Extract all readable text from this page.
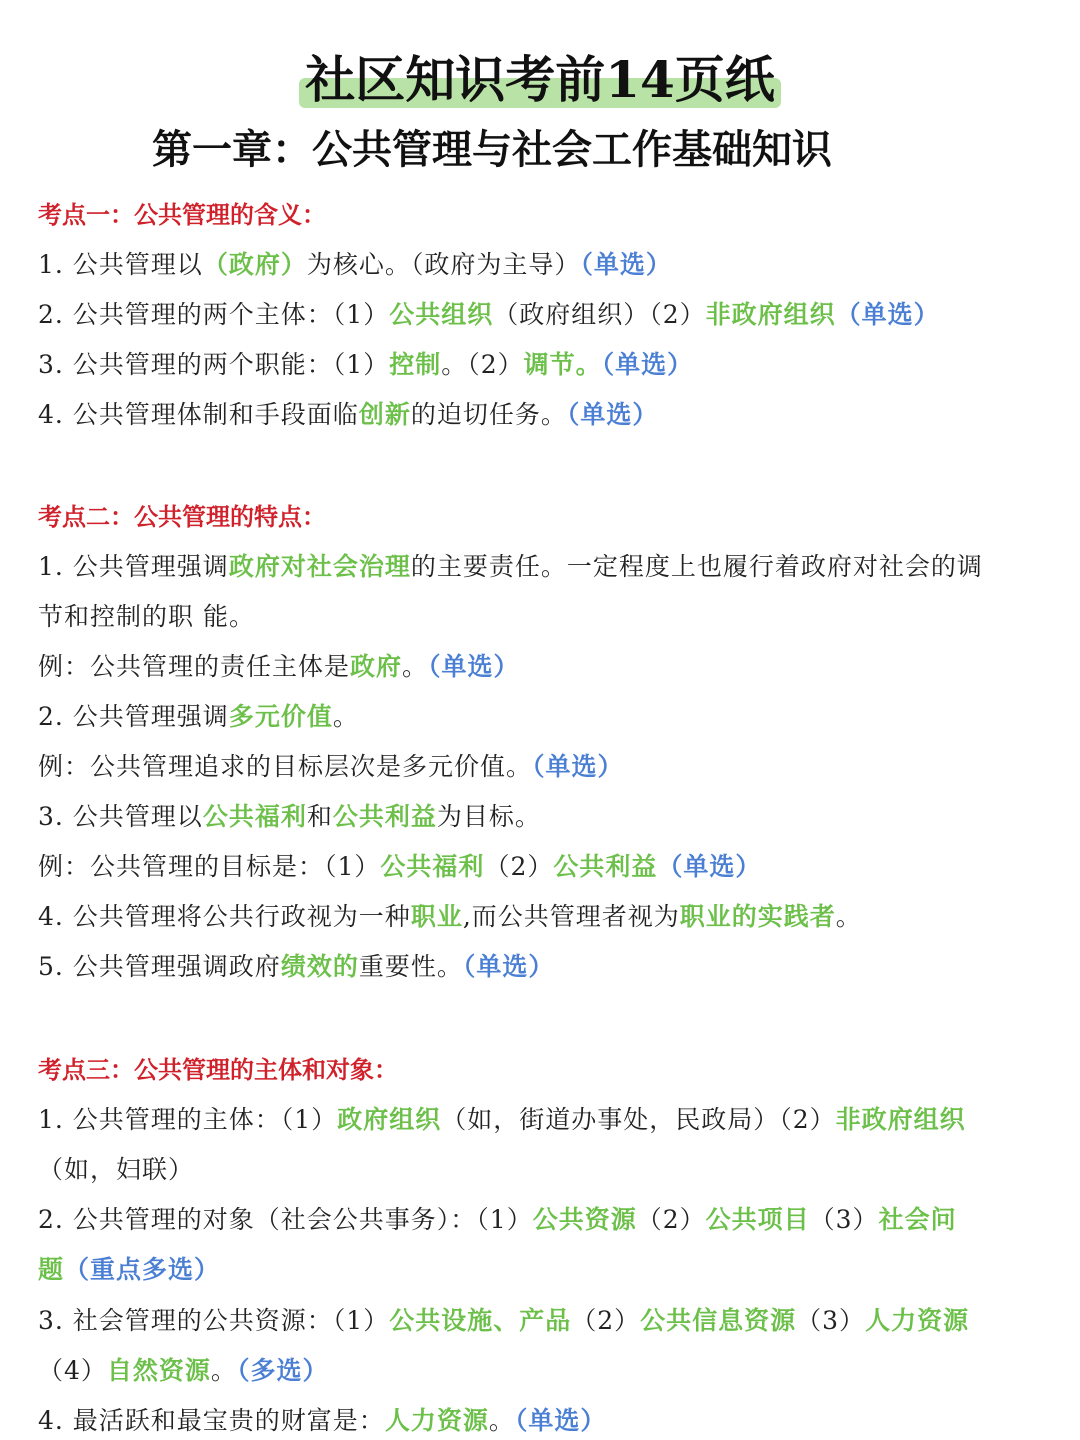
社区知识考前14页纸
第一章：公共管理与社会工作基础知识
考点一：公共管理的含义：
1. 公共管理以（政府）为核心。（政府为主导）（单选）
2. 公共管理的两个主体：（1）公共组织（政府组织）（2）非政府组织（单选）
3. 公共管理的两个职能：（1）控制。（2）调节。（单选）
4. 公共管理体制和手段面临创新的迫切任务。（单选）
考点二：公共管理的特点：
1. 公共管理强调政府对社会治理的主要责任。一定程度上也履行着政府对社会的调
节和控制的职 能。
例：公共管理的责任主体是政府。（单选）
2. 公共管理强调多元价值。
例：公共管理追求的目标层次是多元价值。（单选）
3. 公共管理以公共福利和公共利益为目标。
例：公共管理的目标是：（1）公共福利（2）公共利益（单选）
4. 公共管理将公共行政视为一种职业,而公共管理者视为职业的实践者。
5. 公共管理强调政府绩效的重要性。（单选）
考点三：公共管理的主体和对象：
1. 公共管理的主体：（1）政府组织（如，街道办事处，民政局）（2）非政府组织
（如，妇联）
2. 公共管理的对象（社会公共事务）：（1）公共资源（2）公共项目（3）社会问
题（重点多选）
3. 社会管理的公共资源：（1）公共设施、产品（2）公共信息资源（3）人力资源
（4）自然资源。（多选）
4. 最活跃和最宝贵的财富是：人力资源。（单选）
